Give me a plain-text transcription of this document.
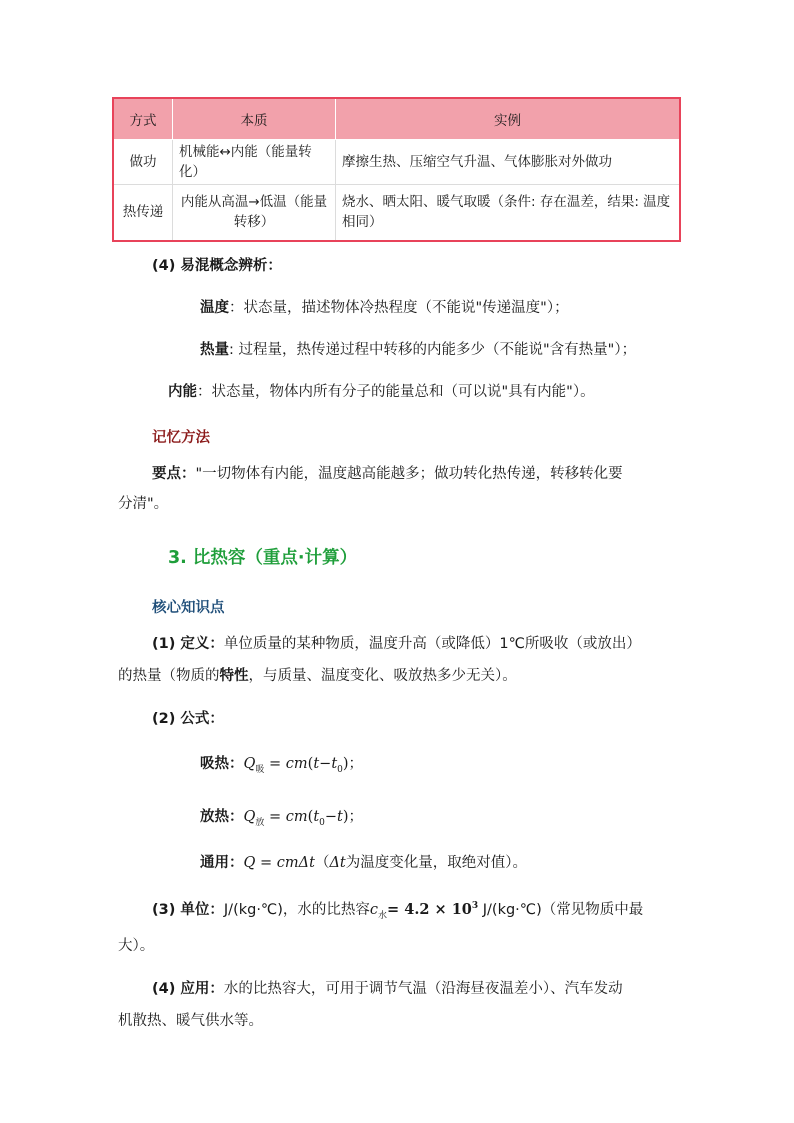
方式	本质	实例
做功	机械能↔内能（能量转化）	摩擦生热、压缩空气升温、气体膨胀对外做功
热传递	内能从高温→低温（能量转移）	烧水、晒太阳、暖气取暖（条件: 存在温差，结果: 温度相同）
(4) 易混概念辨析：
温度：状态量，描述物体冷热程度（不能说"传递温度"）；
热量: 过程量，热传递过程中转移的内能多少（不能说"含有热量"）；
内能：状态量，物体内所有分子的能量总和（可以说"具有内能"）。
记忆方法
要点："一切物体有内能，温度越高能越多；做功转化热传递，转移转化要
分清"。
3. 比热容（重点·计算）
核心知识点
(1) 定义：单位质量的某种物质，温度升高（或降低）1℃所吸收（或放出）
的热量（物质的特性，与质量、温度变化、吸放热多少无关）。
(2) 公式：
吸热：$Q_吸 = cm(t-t_0)$；
放热：$Q_放 = cm(t_0-t)$；
通用：Q = cmΔt（Δt为温度变化量，取绝对值）。
(3) 单位：J/(kg·℃)，水的比热容$c_水= 4.2 \times 10^3$ J/(kg·℃)（常见物质中最
大）。
(4) 应用：水的比热容大，可用于调节气温（沿海昼夜温差小）、汽车发动
机散热、暖气供水等。
